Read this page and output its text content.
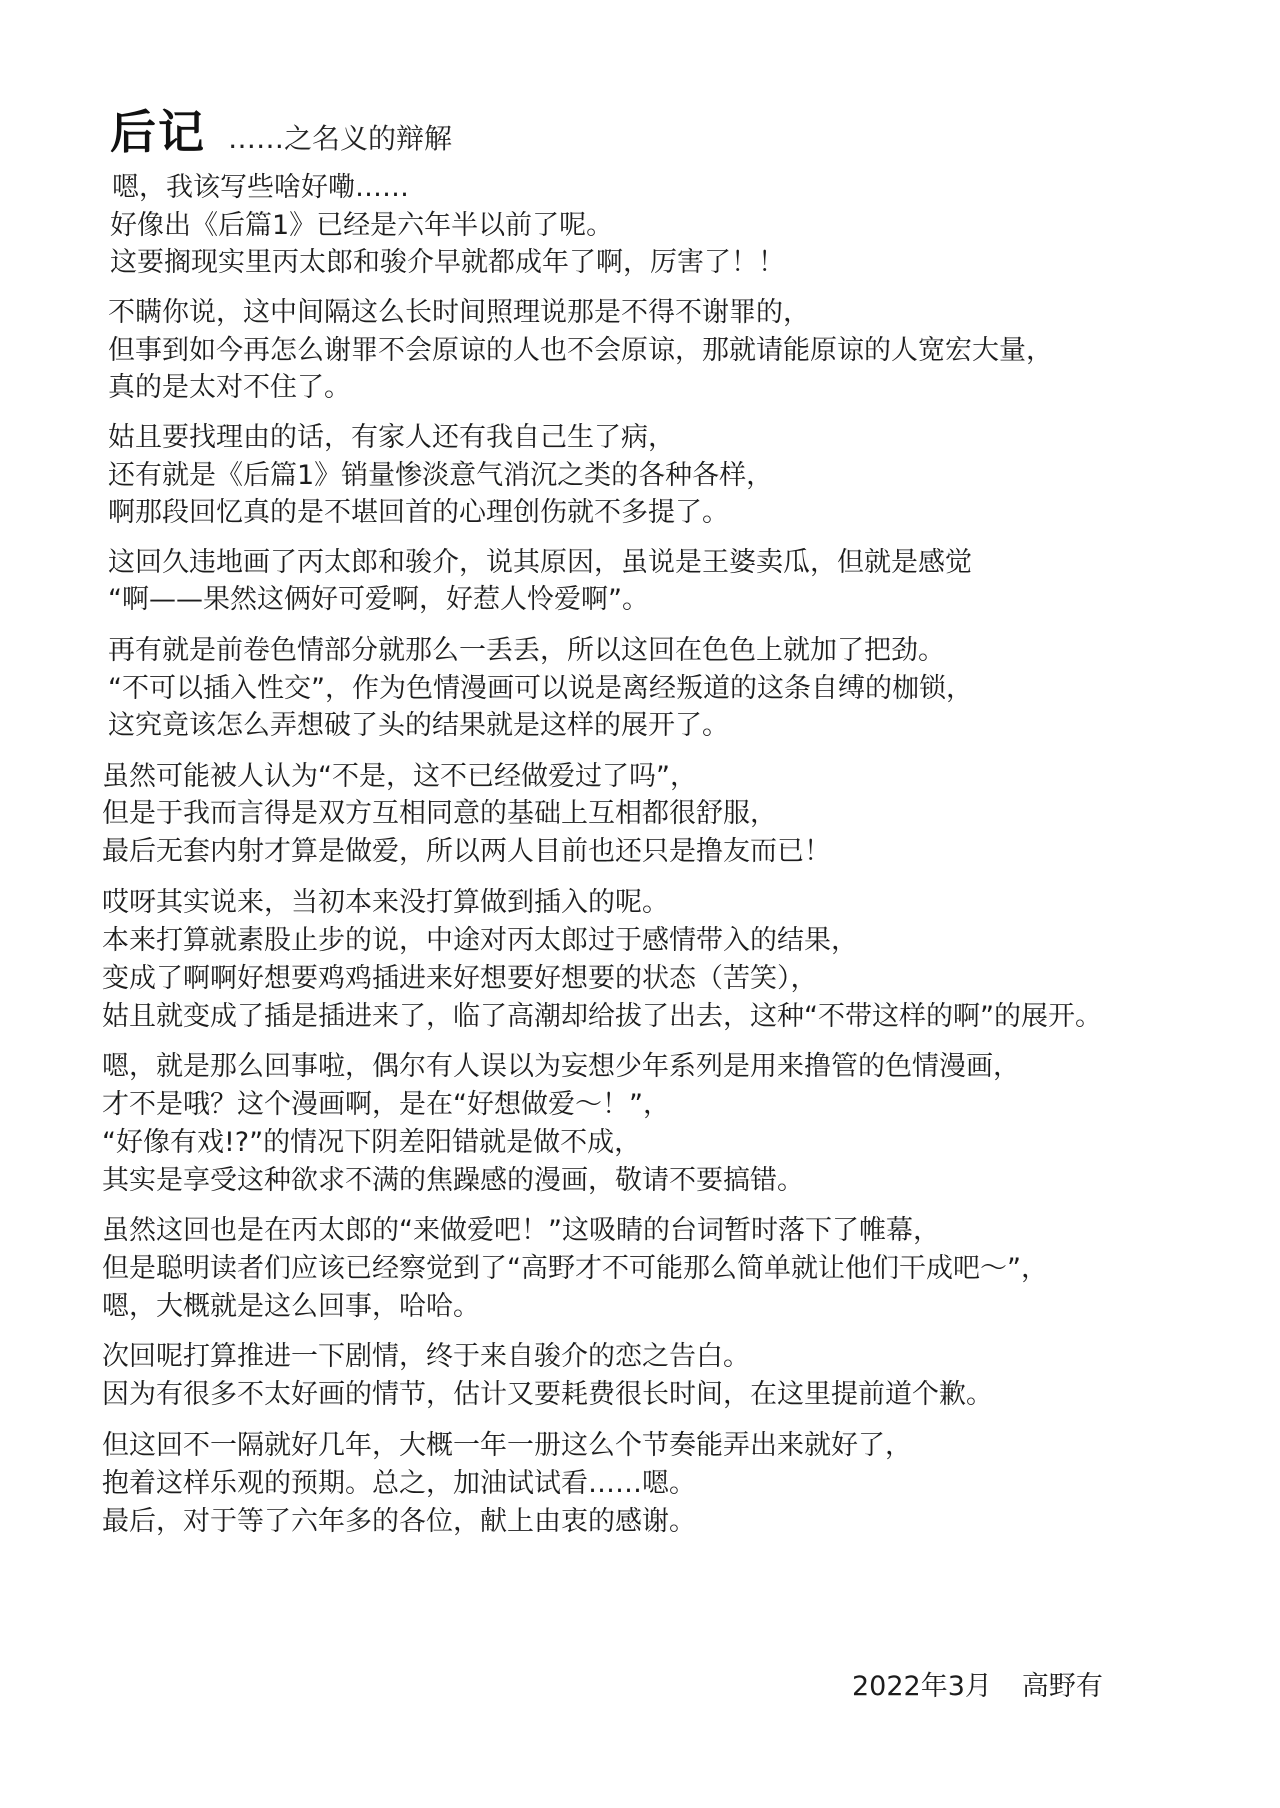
后记 ……之名义的辩解
嗯，我该写些啥好嘞……
好像出《后篇1》已经是六年半以前了呢。
这要搁现实里丙太郎和骏介早就都成年了啊，厉害了！！
不瞒你说，这中间隔这么长时间照理说那是不得不谢罪的，
但事到如今再怎么谢罪不会原谅的人也不会原谅，那就请能原谅的人宽宏大量，
真的是太对不住了。
姑且要找理由的话，有家人还有我自己生了病，
还有就是《后篇1》销量惨淡意气消沉之类的各种各样，
啊那段回忆真的是不堪回首的心理创伤就不多提了。
这回久违地画了丙太郎和骏介，说其原因，虽说是王婆卖瓜，但就是感觉
“啊——果然这俩好可爱啊，好惹人怜爱啊”。
再有就是前卷色情部分就那么一丢丢，所以这回在色色上就加了把劲。
“不可以插入性交”，作为色情漫画可以说是离经叛道的这条自缚的枷锁，
这究竟该怎么弄想破了头的结果就是这样的展开了。
虽然可能被人认为“不是，这不已经做爱过了吗”，
但是于我而言得是双方互相同意的基础上互相都很舒服，
最后无套内射才算是做爱，所以两人目前也还只是撸友而已！
哎呀其实说来，当初本来没打算做到插入的呢。
本来打算就素股止步的说，中途对丙太郎过于感情带入的结果，
变成了啊啊好想要鸡鸡插进来好想要好想要的状态（苦笑），
姑且就变成了插是插进来了，临了高潮却给拔了出去，这种“不带这样的啊”的展开。
嗯，就是那么回事啦，偶尔有人误以为妄想少年系列是用来撸管的色情漫画，
才不是哦？这个漫画啊，是在“好想做爱～！”，
“好像有戏!?”的情况下阴差阳错就是做不成，
其实是享受这种欲求不满的焦躁感的漫画，敬请不要搞错。
虽然这回也是在丙太郎的“来做爱吧！”这吸睛的台词暂时落下了帷幕，
但是聪明读者们应该已经察觉到了“高野才不可能那么简单就让他们干成吧～”，
嗯，大概就是这么回事，哈哈。
次回呢打算推进一下剧情，终于来自骏介的恋之告白。
因为有很多不太好画的情节，估计又要耗费很长时间，在这里提前道个歉。
但这回不一隔就好几年，大概一年一册这么个节奏能弄出来就好了，
抱着这样乐观的预期。总之，加油试试看……嗯。
最后，对于等了六年多的各位，献上由衷的感谢。
2022年3月 高野有
